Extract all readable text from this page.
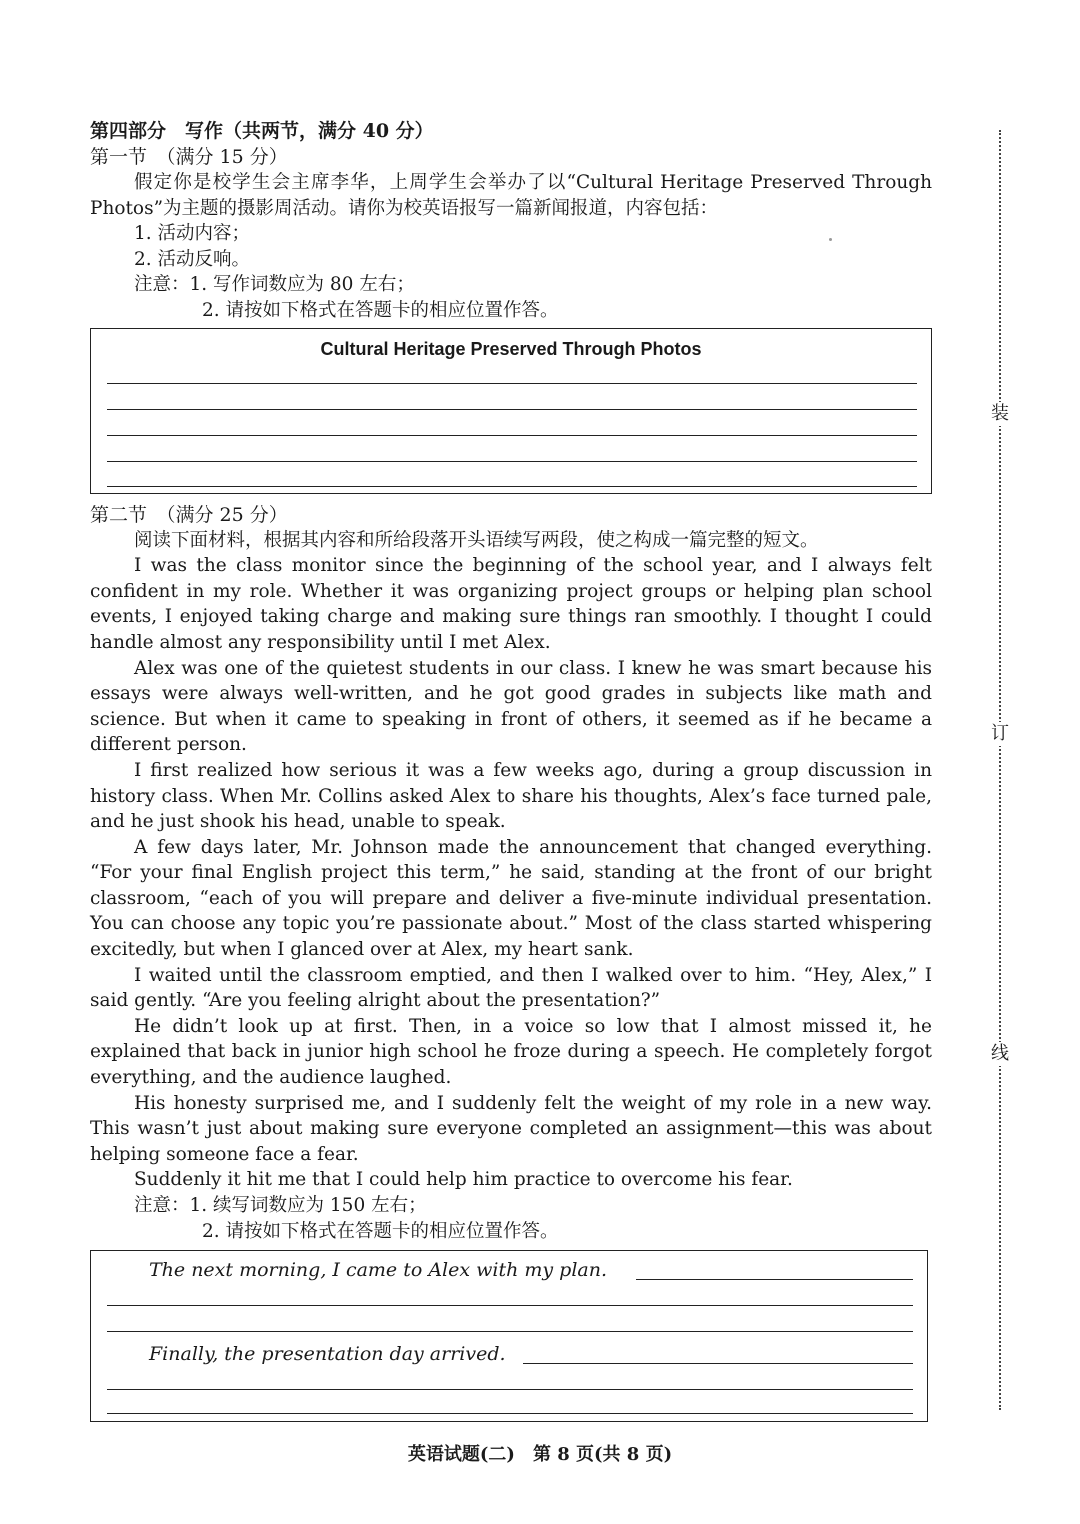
装
订
线

第四部分　写作（共两节，满分 40 分）

第一节　（满分 15 分）

假定你是校学生会主席李华，上周学生会举办了以“Cultural Heritage Preserved Through Photos”为主题的摄影周活动。请你为校英语报写一篇新闻报道，内容包括：

1. 活动内容；

2. 活动反响。

注意：1. 写作词数应为 80 左右；

2. 请按如下格式在答题卡的相应位置作答。

Cultural Heritage Preserved Through Photos

第二节　（满分 25 分）

阅读下面材料，根据其内容和所给段落开头语续写两段，使之构成一篇完整的短文。

I was the class monitor since the beginning of the school year, and I always felt confident in my role. Whether it was organizing project groups or helping plan school events, I enjoyed taking charge and making sure things ran smoothly. I thought I could handle almost any responsibility until I met Alex.

Alex was one of the quietest students in our class. I knew he was smart because his essays were always well-written, and he got good grades in subjects like math and science. But when it came to speaking in front of others, it seemed as if he became a different person.

I first realized how serious it was a few weeks ago, during a group discussion in history class. When Mr. Collins asked Alex to share his thoughts, Alex’s face turned pale, and he just shook his head, unable to speak.

A few days later, Mr. Johnson made the announcement that changed everything. “For your final English project this term,” he said, standing at the front of our bright classroom, “each of you will prepare and deliver a five-minute individual presentation. You can choose any topic you’re passionate about.” Most of the class started whispering excitedly, but when I glanced over at Alex, my heart sank.

I waited until the classroom emptied, and then I walked over to him. “Hey, Alex,” I said gently. “Are you feeling alright about the presentation?”

He didn’t look up at first. Then, in a voice so low that I almost missed it, he explained that back in junior high school he froze during a speech. He completely forgot everything, and the audience laughed.

His honesty surprised me, and I suddenly felt the weight of my role in a new way. This wasn’t just about making sure everyone completed an assignment—this was about helping someone face a fear.

Suddenly it hit me that I could help him practice to overcome his fear.

注意：1. 续写词数应为 150 左右；

2. 请按如下格式在答题卡的相应位置作答。

The next morning, I came to Alex with my plan.
Finally, the presentation day arrived.
英语试题(二)　第 8 页(共 8 页)
